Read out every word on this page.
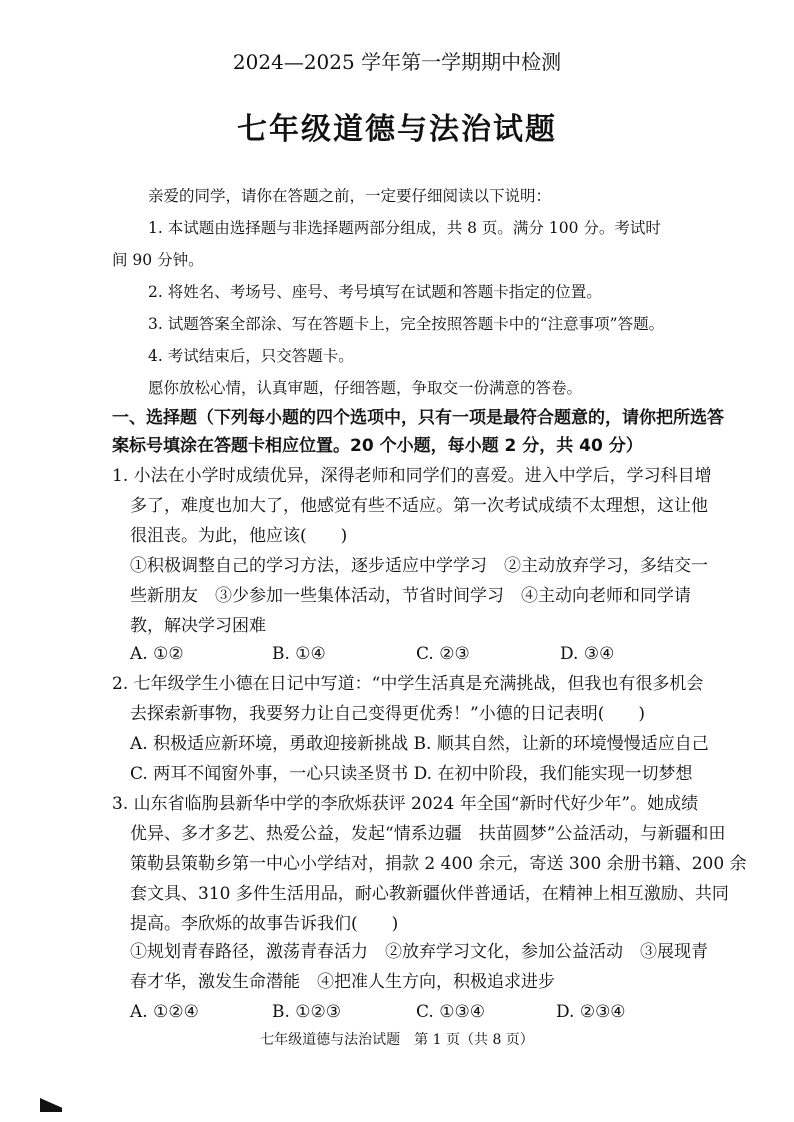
2024—2025 学年第一学期期中检测
七年级道德与法治试题
亲爱的同学，请你在答题之前，一定要仔细阅读以下说明：
1. 本试题由选择题与非选择题两部分组成，共 8 页。满分 100 分。考试时
间 90 分钟。
2. 将姓名、考场号、座号、考号填写在试题和答题卡指定的位置。
3. 试题答案全部涂、写在答题卡上，完全按照答题卡中的“注意事项”答题。
4. 考试结束后，只交答题卡。
愿你放松心情，认真审题，仔细答题，争取交一份满意的答卷。
一、选择题（下列每小题的四个选项中，只有一项是最符合题意的，请你把所选答
案标号填涂在答题卡相应位置。20 个小题，每小题 2 分，共 40 分）
1. 小法在小学时成绩优异，深得老师和同学们的喜爱。进入中学后，学习科目增
多了，难度也加大了，他感觉有些不适应。第一次考试成绩不太理想，这让他
很沮丧。为此，他应该(　　)
①积极调整自己的学习方法，逐步适应中学学习　②主动放弃学习，多结交一
些新朋友　③少参加一些集体活动，节省时间学习　④主动向老师和同学请
教，解决学习困难
A. ①②	B. ①④	C. ②③	D. ③④
2. 七年级学生小德在日记中写道：“中学生活真是充满挑战，但我也有很多机会
去探索新事物，我要努力让自己变得更优秀！”小德的日记表明(　　)
A. 积极适应新环境，勇敢迎接新挑战 B. 顺其自然，让新的环境慢慢适应自己
C. 两耳不闻窗外事，一心只读圣贤书 D. 在初中阶段，我们能实现一切梦想
3. 山东省临朐县新华中学的李欣烁获评 2024 年全国“新时代好少年”。她成绩
优异、多才多艺、热爱公益，发起“情系边疆　扶苗圆梦”公益活动，与新疆和田
策勒县策勒乡第一中心小学结对，捐款 2 400 余元，寄送 300 余册书籍、200 余
套文具、310 多件生活用品，耐心教新疆伙伴普通话，在精神上相互激励、共同
提高。李欣烁的故事告诉我们(　　)
①规划青春路径，激荡青春活力　②放弃学习文化，参加公益活动　③展现青
春才华，激发生命潜能　④把准人生方向，积极追求进步
A. ①②④	B. ①②③	C. ①③④	D. ②③④
七年级道德与法治试题　第 1 页（共 8 页）
